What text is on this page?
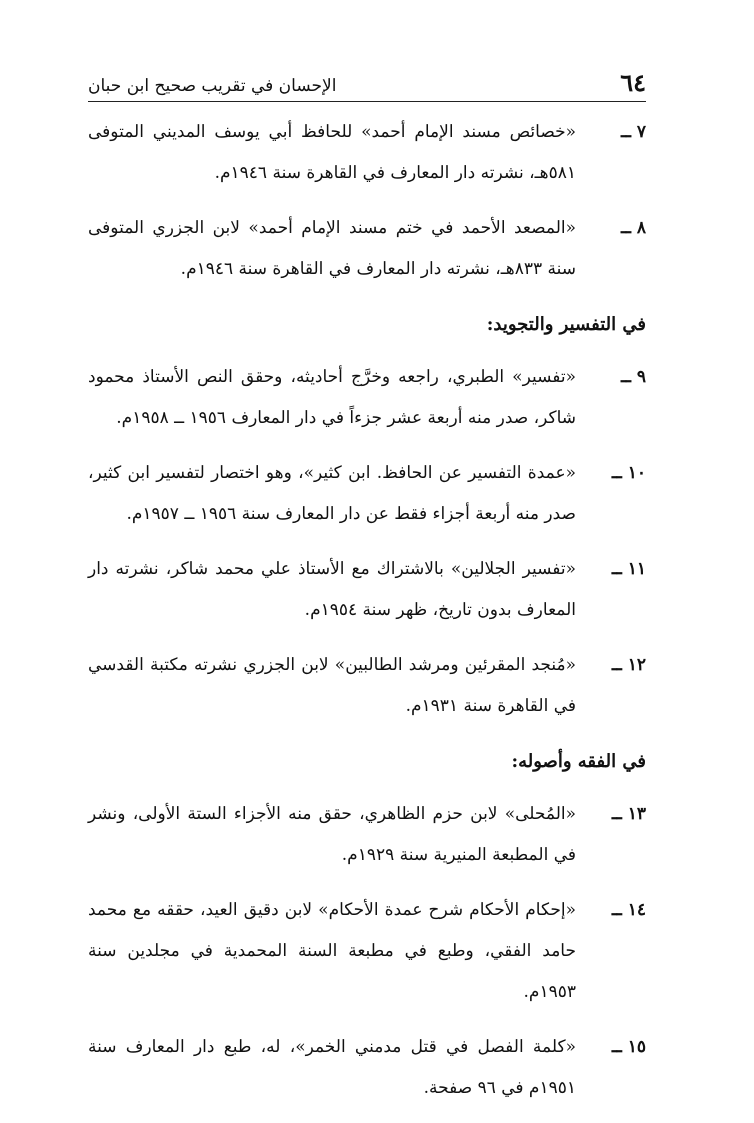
٦٤
الإحسان في تقريب صحيح ابن حبان
٧ ــ
«خصائص مسند الإمام أحمد» للحافظ أبي يوسف المديني المتوفى ٥٨١هـ، نشرته دار المعارف في القاهرة سنة ١٩٤٦م.
٨ ــ
«المصعد الأحمد في ختم مسند الإمام أحمد» لابن الجزري المتوفى سنة ٨٣٣هـ، نشرته دار المعارف في القاهرة سنة ١٩٤٦م.
في التفسير والتجويد:
٩ ــ
«تفسير» الطبري، راجعه وخرَّج أحاديثه، وحقق النص الأستاذ محمود شاكر، صدر منه أربعة عشر جزءاً في دار المعارف ١٩٥٦ ــ ١٩٥٨م.
١٠ ــ
«عمدة التفسير عن الحافظ. ابن كثير»، وهو اختصار لتفسير ابن كثير، صدر منه أربعة أجزاء فقط عن دار المعارف سنة ١٩٥٦ ــ ١٩٥٧م.
١١ ــ
«تفسير الجلالين» بالاشتراك مع الأستاذ علي محمد شاكر، نشرته دار المعارف بدون تاريخ، ظهر سنة ١٩٥٤م.
١٢ ــ
«مُنجد المقرئين ومرشد الطالبين» لابن الجزري نشرته مكتبة القدسي في القاهرة سنة ١٩٣١م.
في الفقه وأصوله:
١٣ ــ
«المُحلى» لابن حزم الظاهري، حقق منه الأجزاء الستة الأولى، ونشر في المطبعة المنيرية سنة ١٩٢٩م.
١٤ ــ
«إحكام الأحكام شرح عمدة الأحكام» لابن دقيق العيد، حققه مع محمد حامد الفقي، وطبع في مطبعة السنة المحمدية في مجلدين سنة ١٩٥٣م.
١٥ ــ
«كلمة الفصل في قتل مدمني الخمر»، له، طبع دار المعارف سنة ١٩٥١م في ٩٦ صفحة.
